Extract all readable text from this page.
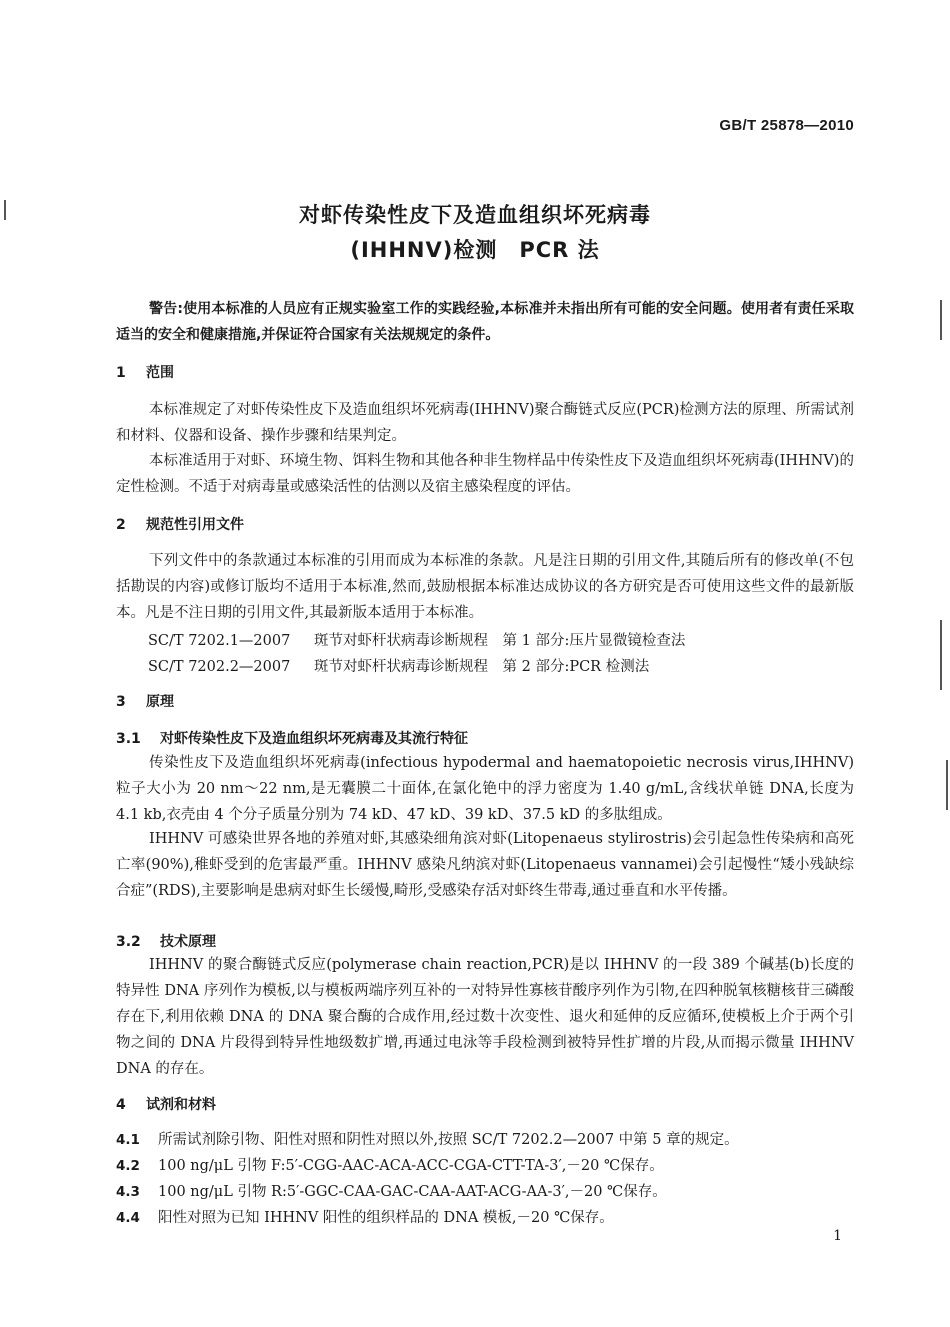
GB/T 25878—2010
对虾传染性皮下及造血组织坏死病毒
(IHHNV)检测　PCR 法

警告:使用本标准的人员应有正规实验室工作的实践经验,本标准并未指出所有可能的安全问题。使用者有责任采取适当的安全和健康措施,并保证符合国家有关法规规定的条件。

1 范围

本标准规定了对虾传染性皮下及造血组织坏死病毒(IHHNV)聚合酶链式反应(PCR)检测方法的原理、所需试剂和材料、仪器和设备、操作步骤和结果判定。

本标准适用于对虾、环境生物、饵料生物和其他各种非生物样品中传染性皮下及造血组织坏死病毒(IHHNV)的定性检测。不适于对病毒量或感染活性的估测以及宿主感染程度的评估。

2 规范性引用文件

下列文件中的条款通过本标准的引用而成为本标准的条款。凡是注日期的引用文件,其随后所有的修改单(不包括勘误的内容)或修订版均不适用于本标准,然而,鼓励根据本标准达成协议的各方研究是否可使用这些文件的最新版本。凡是不注日期的引用文件,其最新版本适用于本标准。

SC/T 7202.1—2007 斑节对虾杆状病毒诊断规程　第 1 部分:压片显微镜检查法
SC/T 7202.2—2007 斑节对虾杆状病毒诊断规程　第 2 部分:PCR 检测法
3 原理
3.1 对虾传染性皮下及造血组织坏死病毒及其流行特征

传染性皮下及造血组织坏死病毒(infectious hypodermal and haematopoietic necrosis virus,IHHNV)粒子大小为 20 nm～22 nm,是无囊膜二十面体,在氯化铯中的浮力密度为 1.40 g/mL,含线状单链 DNA,长度为 4.1 kb,衣壳由 4 个分子质量分别为 74 kD、47 kD、39 kD、37.5 kD 的多肽组成。

IHHNV 可感染世界各地的养殖对虾,其感染细角滨对虾(Litopenaeus stylirostris)会引起急性传染病和高死亡率(90%),稚虾受到的危害最严重。IHHNV 感染凡纳滨对虾(Litopenaeus vannamei)会引起慢性“矮小残缺综合症”(RDS),主要影响是患病对虾生长缓慢,畸形,受感染存活对虾终生带毒,通过垂直和水平传播。

3.2 技术原理

IHHNV 的聚合酶链式反应(polymerase chain reaction,PCR)是以 IHHNV 的一段 389 个碱基(b)长度的特异性 DNA 序列作为模板,以与模板两端序列互补的一对特异性寡核苷酸序列作为引物,在四种脱氧核糖核苷三磷酸存在下,利用依赖 DNA 的 DNA 聚合酶的合成作用,经过数十次变性、退火和延伸的反应循环,使模板上介于两个引物之间的 DNA 片段得到特异性地级数扩增,再通过电泳等手段检测到被特异性扩增的片段,从而揭示微量 IHHNV DNA 的存在。

4 试剂和材料
4.1 所需试剂除引物、阳性对照和阴性对照以外,按照 SC/T 7202.2—2007 中第 5 章的规定。
4.2 100 ng/μL 引物 F:5′-CGG-AAC-ACA-ACC-CGA-CTT-TA-3′,－20 ℃保存。
4.3 100 ng/μL 引物 R:5′-GGC-CAA-GAC-CAA-AAT-ACG-AA-3′,－20 ℃保存。
4.4 阳性对照为已知 IHHNV 阳性的组织样品的 DNA 模板,－20 ℃保存。
1
